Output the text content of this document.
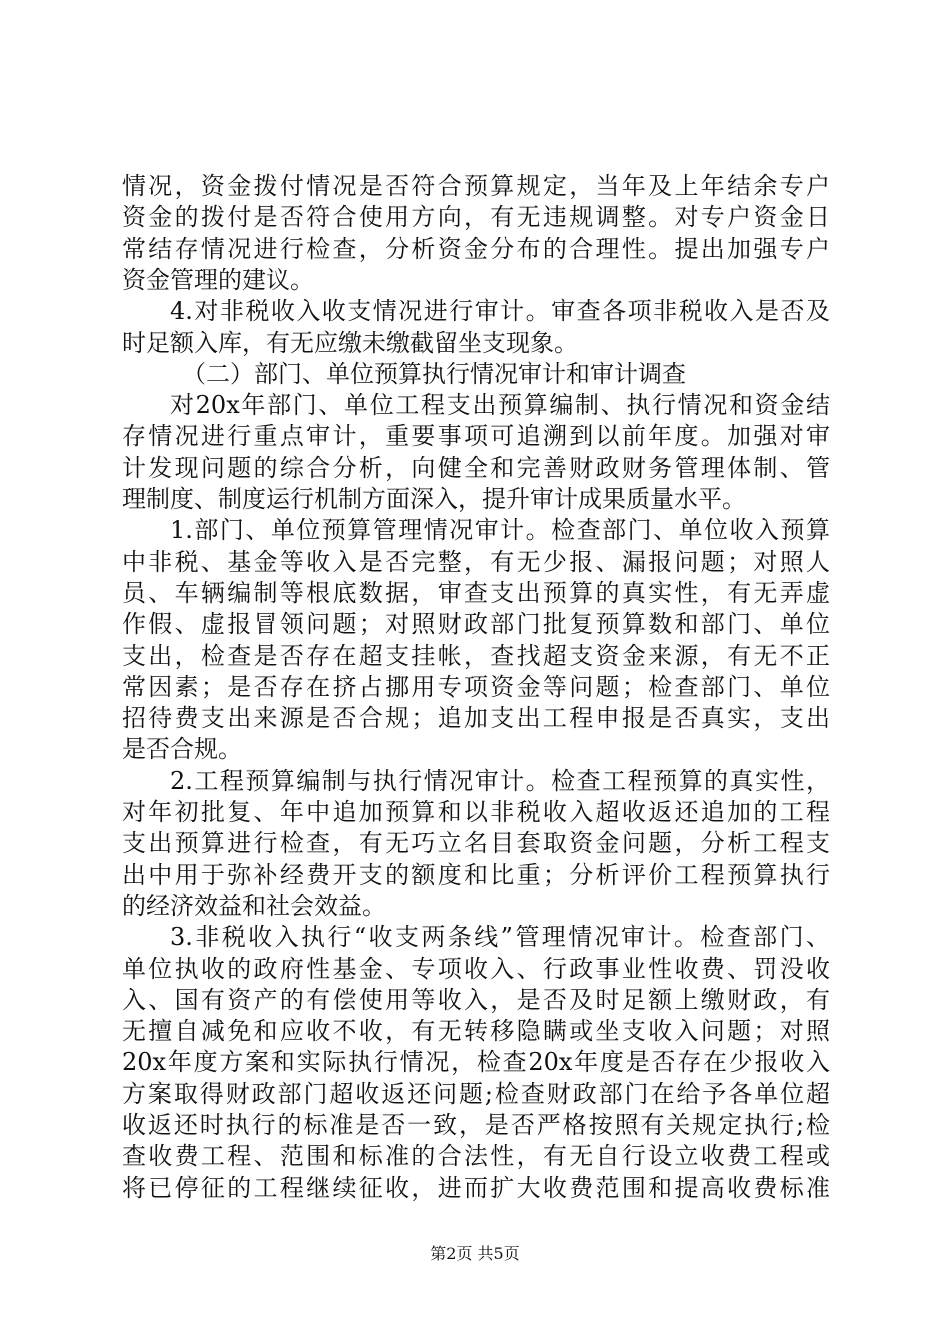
情况，资金拨付情况是否符合预算规定，当年及上年结余专户
资金的拨付是否符合使用方向，有无违规调整。对专户资金日
常结存情况进行检查，分析资金分布的合理性。提出加强专户
资金管理的建议。
4.对非税收入收支情况进行审计。审查各项非税收入是否及
时足额入库，有无应缴未缴截留坐支现象。
（二）部门、单位预算执行情况审计和审计调查
对20x年部门、单位工程支出预算编制、执行情况和资金结
存情况进行重点审计，重要事项可追溯到以前年度。加强对审
计发现问题的综合分析，向健全和完善财政财务管理体制、管
理制度、制度运行机制方面深入，提升审计成果质量水平。
1.部门、单位预算管理情况审计。检查部门、单位收入预算
中非税、基金等收入是否完整，有无少报、漏报问题；对照人
员、车辆编制等根底数据，审查支出预算的真实性，有无弄虚
作假、虚报冒领问题；对照财政部门批复预算数和部门、单位
支出，检查是否存在超支挂帐，查找超支资金来源，有无不正
常因素；是否存在挤占挪用专项资金等问题；检查部门、单位
招待费支出来源是否合规；追加支出工程申报是否真实，支出
是否合规。
2.工程预算编制与执行情况审计。检查工程预算的真实性，
对年初批复、年中追加预算和以非税收入超收返还追加的工程
支出预算进行检查，有无巧立名目套取资金问题，分析工程支
出中用于弥补经费开支的额度和比重；分析评价工程预算执行
的经济效益和社会效益。
3.非税收入执行“收支两条线”管理情况审计。检查部门、
单位执收的政府性基金、专项收入、行政事业性收费、罚没收
入、国有资产的有偿使用等收入，是否及时足额上缴财政，有
无擅自减免和应收不收，有无转移隐瞒或坐支收入问题；对照
第2页 共5页
20x年度方案和实际执行情况，检查20x年度是否存在少报收入
方案取得财政部门超收返还问题;检查财政部门在给予各单位超
收返还时执行的标准是否一致，是否严格按照有关规定执行;检
查收费工程、范围和标准的合法性，有无自行设立收费工程或
将已停征的工程继续征收，进而扩大收费范围和提高收费标准
